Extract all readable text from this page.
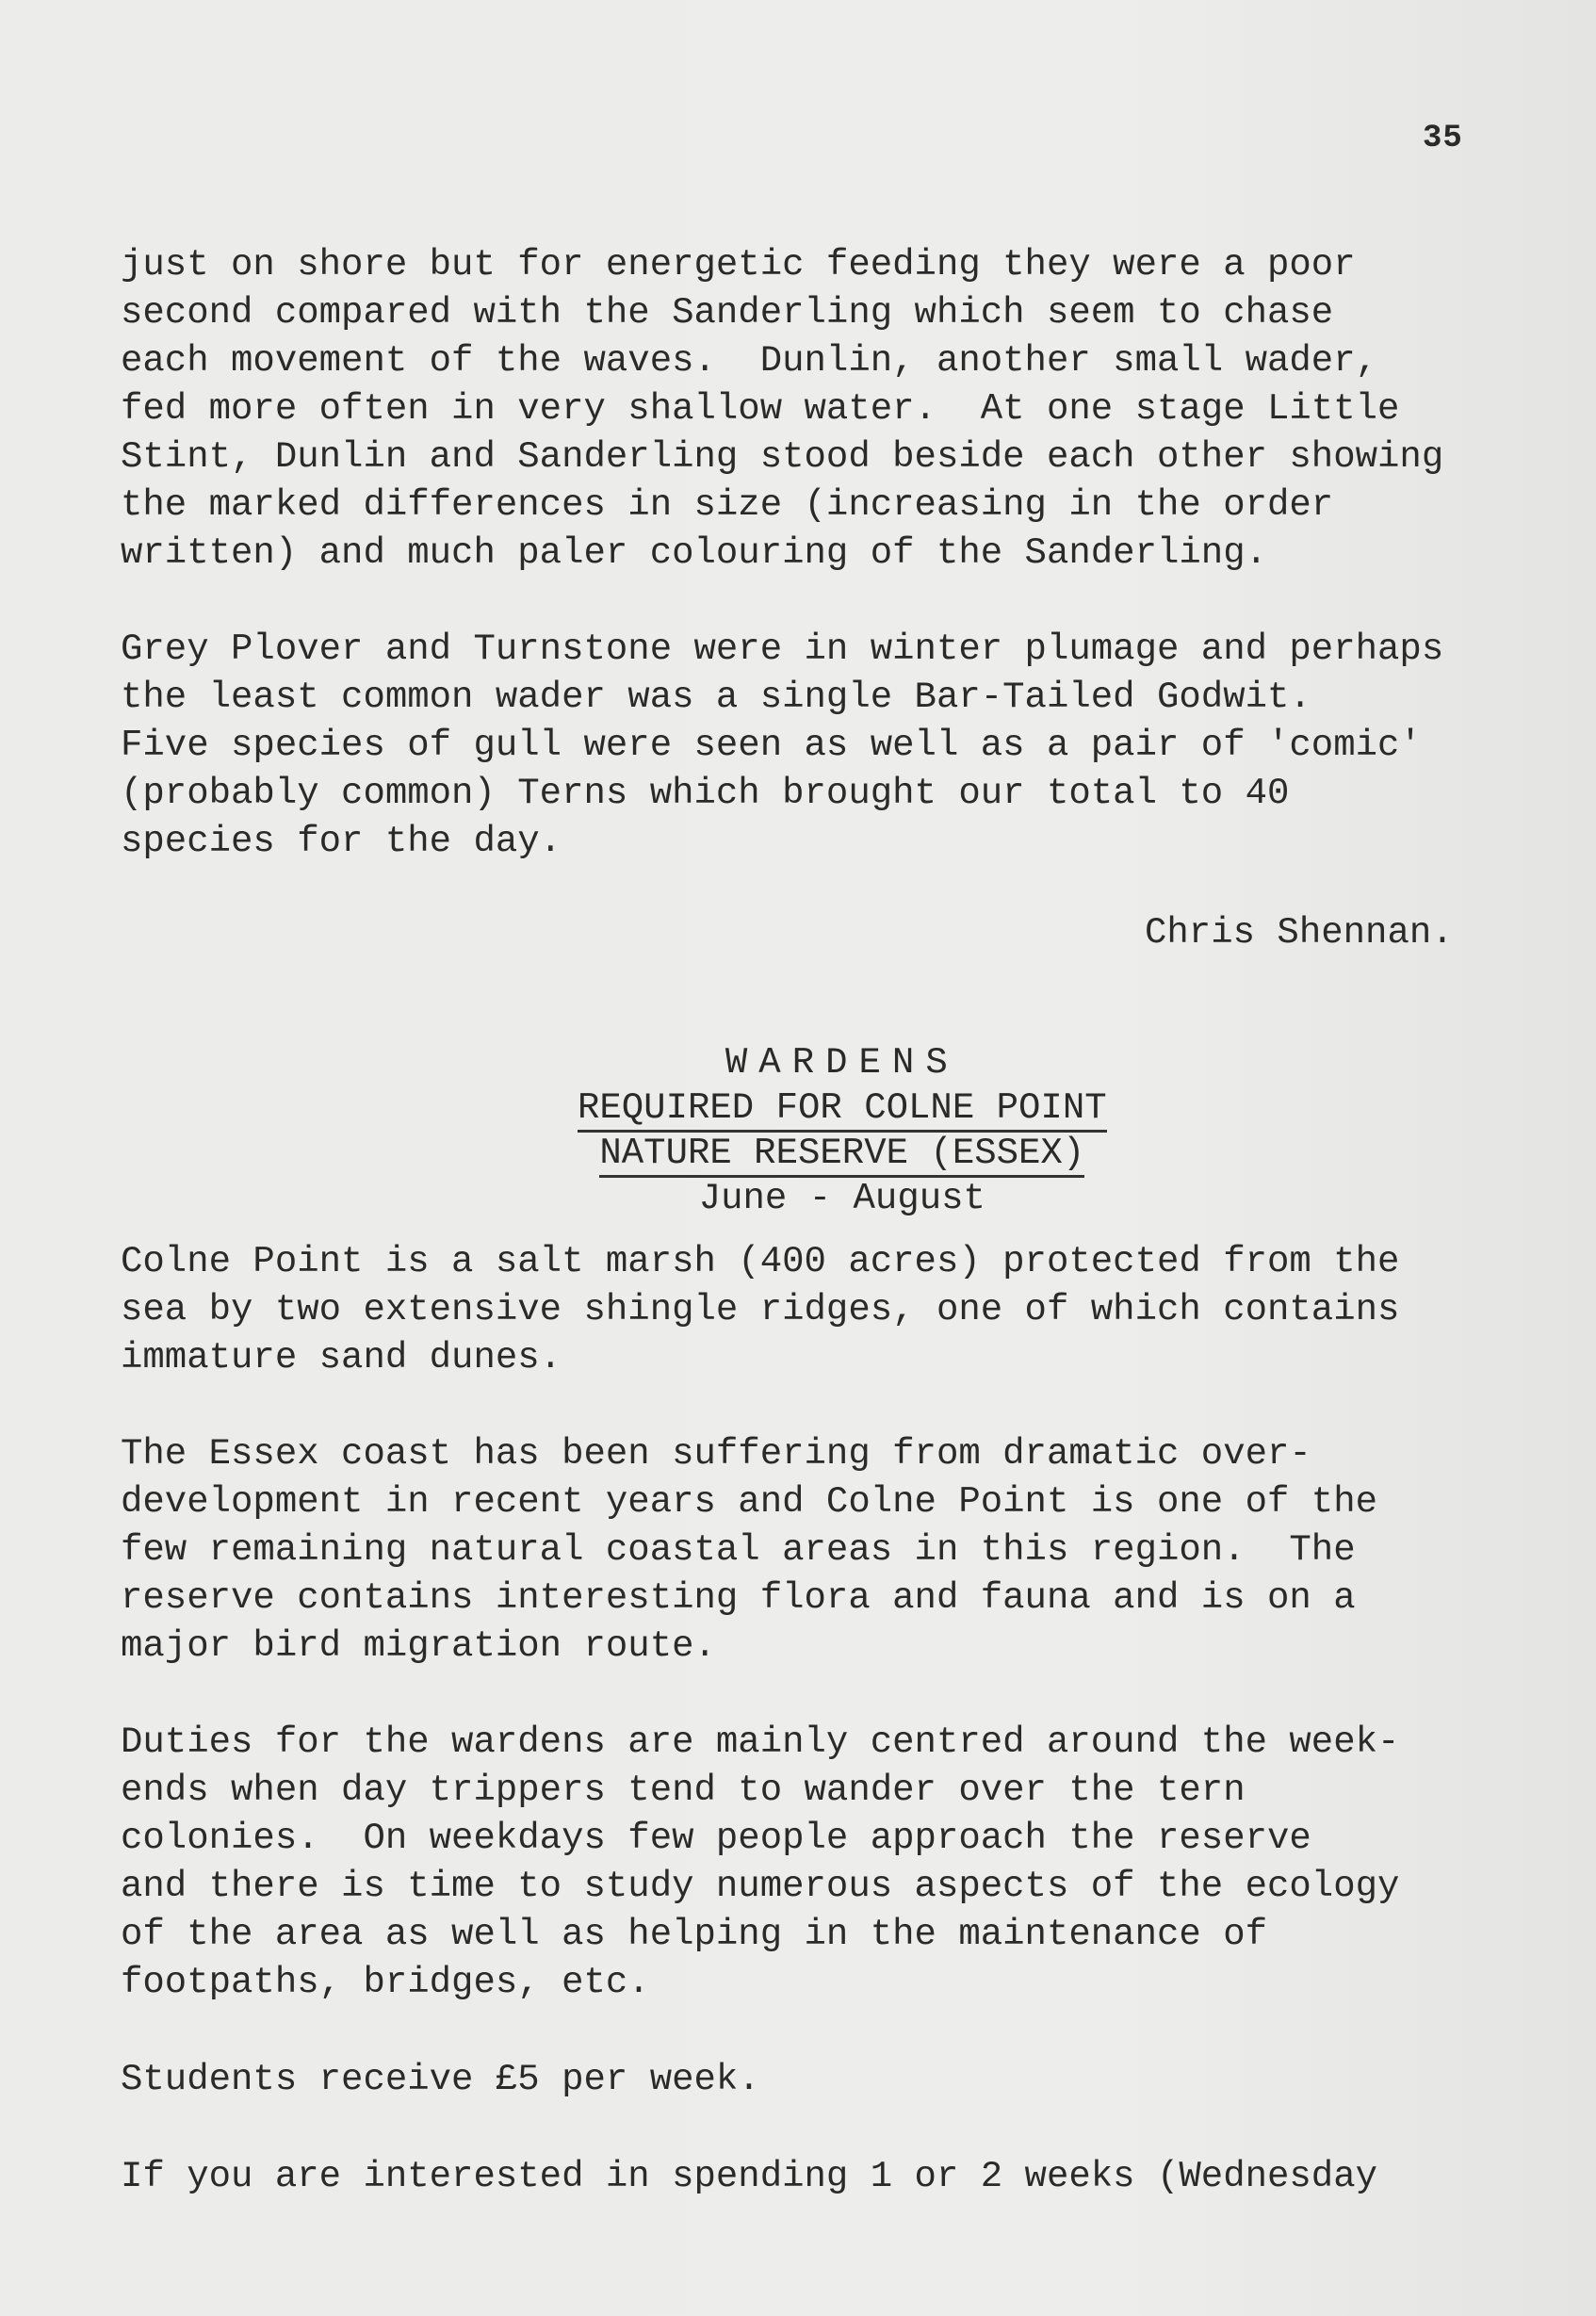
35
just on shore but for energetic feeding they were a poor
second compared with the Sanderling which seem to chase
each movement of the waves.  Dunlin, another small wader,
fed more often in very shallow water.  At one stage Little
Stint, Dunlin and Sanderling stood beside each other showing
the marked differences in size (increasing in the order
written) and much paler colouring of the Sanderling.
Grey Plover and Turnstone were in winter plumage and perhaps
the least common wader was a single Bar-Tailed Godwit.
Five species of gull were seen as well as a pair of 'comic'
(probably common) Terns which brought our total to 40
species for the day.
Chris Shennan.

WARDENS

REQUIRED FOR COLNE POINT

NATURE RESERVE (ESSEX)

June - August

Colne Point is a salt marsh (400 acres) protected from the
sea by two extensive shingle ridges, one of which contains
immature sand dunes.
The Essex coast has been suffering from dramatic over-
development in recent years and Colne Point is one of the
few remaining natural coastal areas in this region.  The
reserve contains interesting flora and fauna and is on a
major bird migration route.
Duties for the wardens are mainly centred around the week-
ends when day trippers tend to wander over the tern
colonies.  On weekdays few people approach the reserve
and there is time to study numerous aspects of the ecology
of the area as well as helping in the maintenance of
footpaths, bridges, etc.
Students receive £5 per week.
If you are interested in spending 1 or 2 weeks (Wednesday
